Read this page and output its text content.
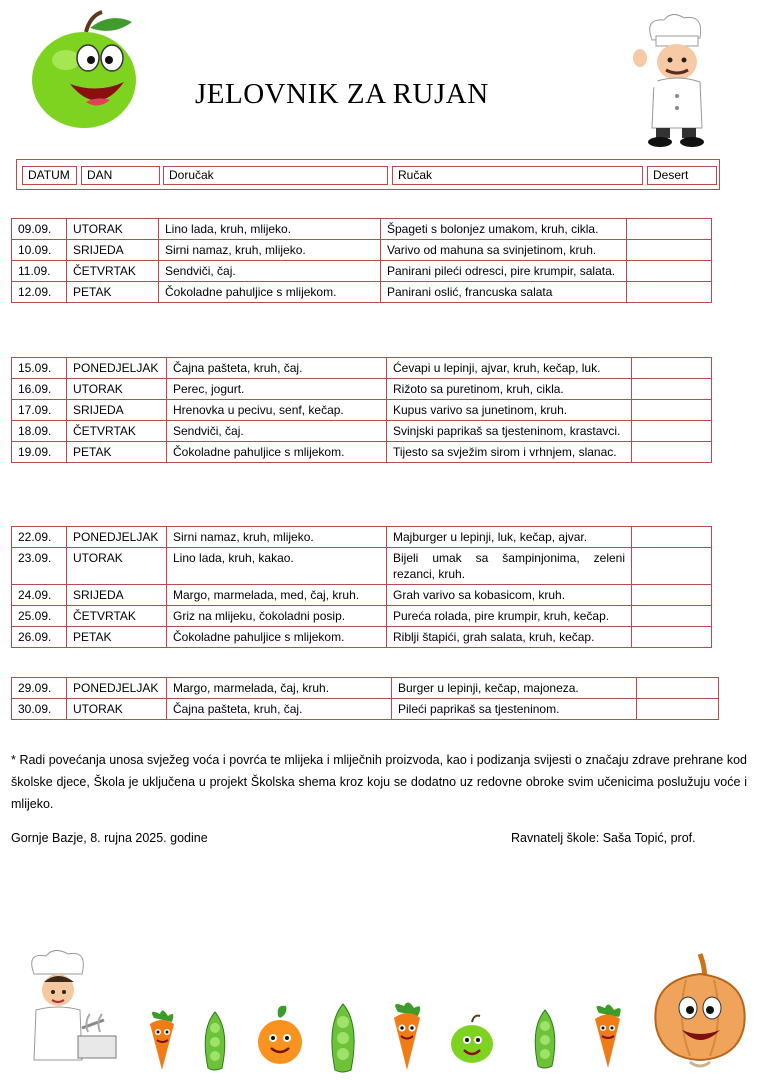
JELOVNIK ZA RUJAN
DATUM	DAN	Doručak	Ručak	Desert
09.09.	UTORAK	Lino lada, kruh, mlijeko.	Špageti s bolonjez umakom, kruh, cikla.	
10.09.	SRIJEDA	Sirni namaz, kruh, mlijeko.	Varivo od mahuna sa svinjetinom, kruh.	
11.09.	ČETVRTAK	Sendviči, čaj.	Panirani pileći odresci, pire krumpir, salata.	
12.09.	PETAK	Čokoladne pahuljice s mlijekom.	Panirani oslić, francuska salata	
15.09.	PONEDJELJAK	Čajna pašteta, kruh, čaj.	Ćevapi u lepinji, ajvar, kruh, kečap, luk.	
16.09.	UTORAK	Perec, jogurt.	Rižoto sa puretinom, kruh, cikla.	
17.09.	SRIJEDA	Hrenovka u pecivu, senf, kečap.	Kupus varivo sa junetinom, kruh.	
18.09.	ČETVRTAK	Sendviči, čaj.	Svinjski paprikaš sa tjesteninom, krastavci.	
19.09.	PETAK	Čokoladne pahuljice s mlijekom.	Tijesto sa svježim sirom i vrhnjem, slanac.	
22.09.	PONEDJELJAK	Sirni namaz, kruh, mlijeko.	Majburger u lepinji, luk, kečap, ajvar.	
23.09.	UTORAK	Lino lada, kruh, kakao.	Bijeli umak sa šampinjonima, zeleni rezanci, kruh.	
24.09.	SRIJEDA	Margo, marmelada, med, čaj, kruh.	Grah varivo sa kobasicom, kruh.	
25.09.	ČETVRTAK	Griz na mlijeku, čokoladni posip.	Pureća rolada, pire krumpir, kruh, kečap.	
26.09.	PETAK	Čokoladne pahuljice s mlijekom.	Riblji štapići, grah salata, kruh, kečap.	
29.09.	PONEDJELJAK	Margo, marmelada, čaj, kruh.	Burger u lepinji, kečap, majoneza.	
30.09.	UTORAK	Čajna pašteta, kruh, čaj.	Pileći paprikaš sa tjesteninom.	
* Radi povećanja unosa svježeg voća i povrća te mlijeka i mliječnih proizvoda, kao i podizanja svijesti o značaju zdrave prehrane kod školske djece, Škola je uključena u projekt Školska shema kroz koju se dodatno uz redovne obroke svim učenicima poslužuju voće i mlijeko.
Gornje Bazje, 8. rujna 2025. godine	Ravnatelj škole: Saša Topić, prof.
